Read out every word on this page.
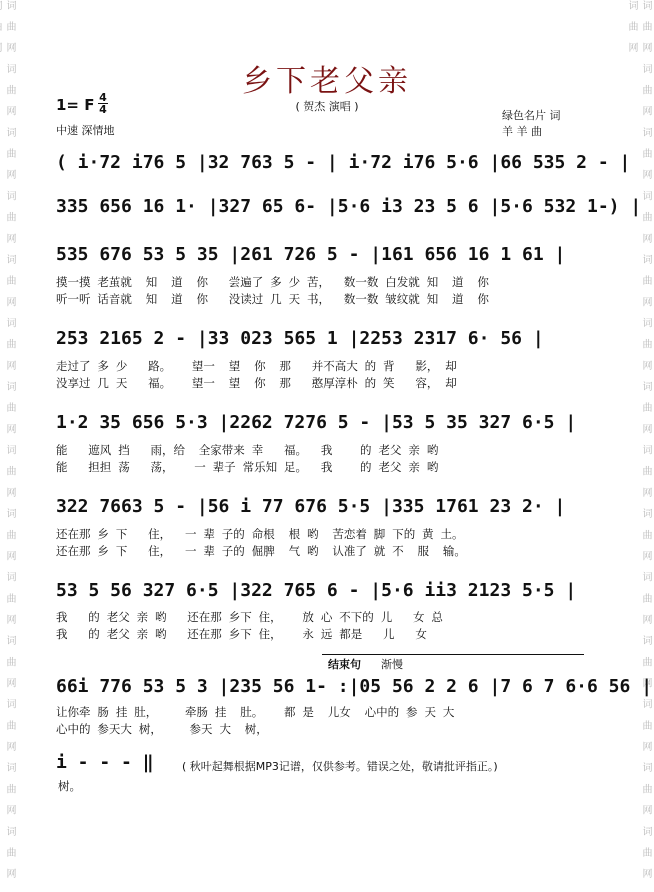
词 曲 网 词 曲 网 词 曲 网 词 曲 网 词 曲 网 词 曲 网 词 曲 网 词 曲 网 词 曲 网 词 曲 网 词 曲 网 词 曲 网 词 曲 网 词 曲 网	词 曲 网 词 曲 网 词 曲 网 词 曲 网 词 曲 网 词 曲 网 词 曲 网 词 曲 网 词 曲 网 词 曲 网 词 曲 网 词 曲 网 词 曲 网 词 曲 网 词 曲 网
乡下老父亲
( 贺杰 演唱 )
1= F 4
4
中速 深情地
绿色名片 词
羊 羊 曲
( i·72 i76 5 |32 763 5 - | i·72 i76 5·6 |66 535 2 - |
335 656 16 1· |327 65 6- |5·6 i3 23 5 6 |5·6 532 1-) |
535 676 53 5 35 |261 726 5 - |161 656 16 1 61 |
摸一摸 老茧就  知  道  你   尝遍了 多 少 苦，  数一数 白发就 知  道  你
听一听 话音就  知  道  你   没读过 几 天 书，  数一数 皱纹就 知  道  你
253 2165 2 - |33 023 565 1 |2253 2317 6· 56 |
走过了 多 少   路。   望一  望  你  那   并不高大 的 背   影， 却
没享过 几 天   福。   望一  望  你  那   憨厚淳朴 的 笑   容， 却
1·2 35 656 5·3 |2262 7276 5 - |53 5 35 327 6·5 |
能   遮风 挡   雨，给  全家带来 幸   福。  我    的 老父 亲 哟
能   担担 荡   荡，   一 辈子 常乐知 足。  我    的 老父 亲 哟
322 7663 5 - |56 i 77 676 5·5 |335 1761 23 2· |
还在那 乡 下   住，  一 辈 子的 命根  根 哟  苦恋着 脚 下的 黄 土。
还在那 乡 下   住，  一 辈 子的 倔脾  气 哟  认准了 就 不  服  输。
53 5 56 327 6·5 |322 765 6 - |5·6 ii3 2123 5·5 |
我   的 老父 亲 哟   还在那 乡下 住，   放 心 不下的 儿   女 总
我   的 老父 亲 哟   还在那 乡下 住，   永 远 都是   儿   女
结束句 渐慢
66i 776 53 5 3 |235 56 1- :|05 56 2 2 6 |7 6 7 6·6 56 |
让你牵 肠 挂 肚，    牵肠 挂  肚。   都 是  儿女  心中的 参 天 大
心中的 参天大 树，    参天 大  树，
i - - - ‖	( 秋叶起舞根据MP3记谱，仅供参考。错误之处，敬请批评指正。)
树。
